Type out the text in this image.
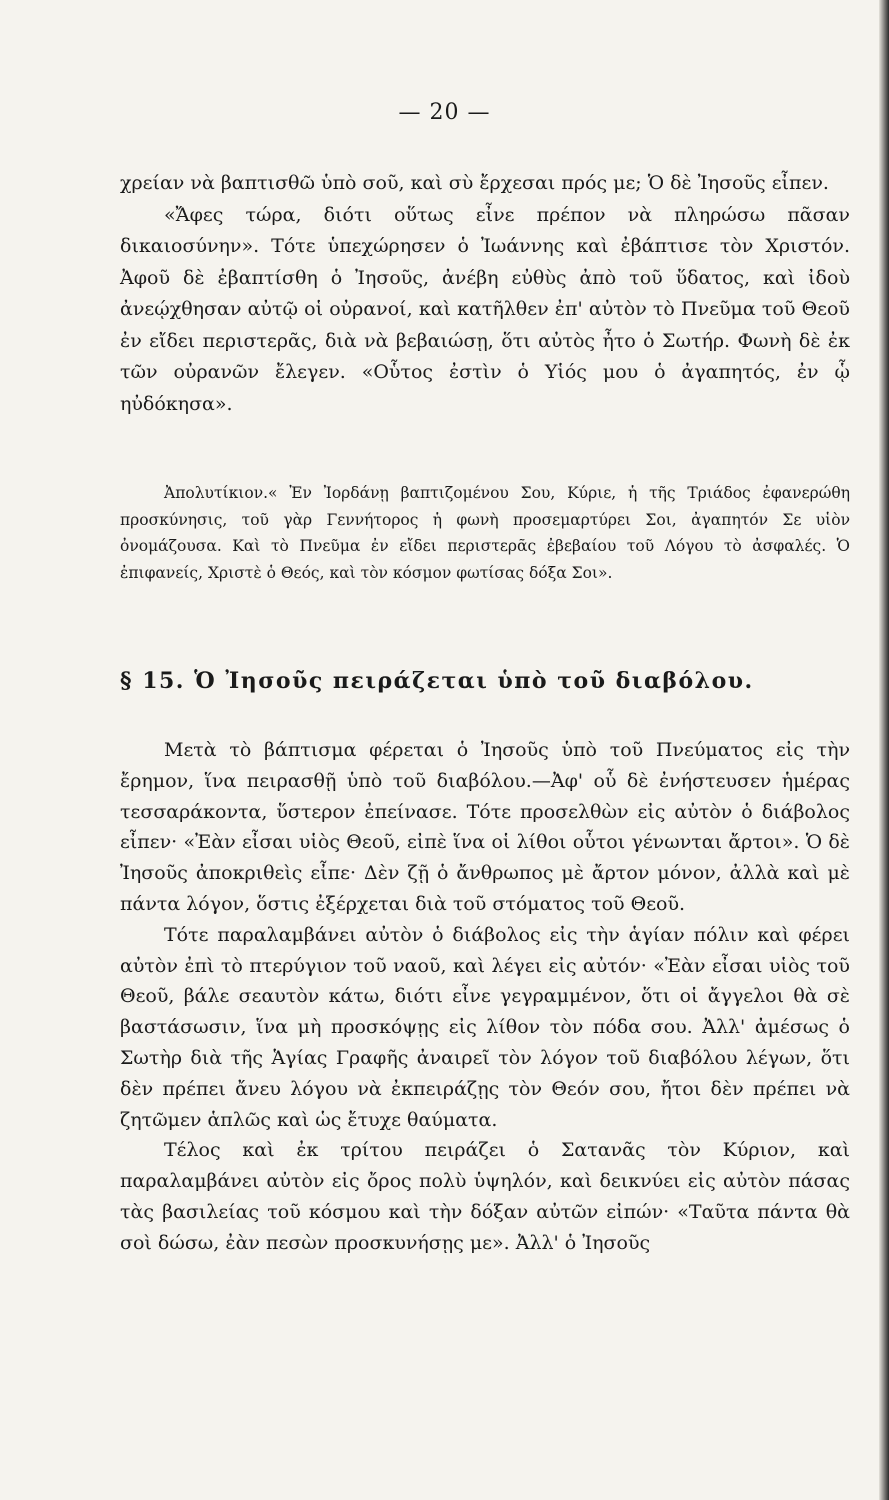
— 20 —

χρείαν νὰ βαπτισθῶ ὑπὸ σοῦ, καὶ σὺ ἔρχεσαι πρός με; Ὁ δὲ Ἰησοῦς εἶπεν.

«Ἄφες τώρα, διότι οὕτως εἶνε πρέπον νὰ πληρώσω πᾶσαν δικαιοσύνην». Τότε ὑπεχώρησεν ὁ Ἰωάννης καὶ ἐβάπτισε τὸν Χριστόν. Ἀφοῦ δὲ ἐβαπτίσθη ὁ Ἰησοῦς, ἀνέβη εὐθὺς ἀπὸ τοῦ ὕδατος, καὶ ἰδοὺ ἀνεῴχθησαν αὐτῷ οἱ οὐρανοί, καὶ κατῆλθεν ἐπ' αὐτὸν τὸ Πνεῦμα τοῦ Θεοῦ ἐν εἴδει περιστερᾶς, διὰ νὰ βεβαιώσῃ, ὅτι αὐτὸς ἦτο ὁ Σωτήρ. Φωνὴ δὲ ἐκ τῶν οὐρανῶν ἔλεγεν. «Οὗτος ἐστὶν ὁ Υἱός μου ὁ ἀγαπητός, ἐν ᾧ ηὐδόκησα».

Ἀπολυτίκιον.« Ἐν Ἰορδάνῃ βαπτιζομένου Σου, Κύριε, ἡ τῆς Τριάδος ἐφανερώθη προσκύνησις, τοῦ γὰρ Γεννήτορος ἡ φωνὴ προσεμαρτύρει Σοι, ἀγαπητόν Σε υἱὸν ὀνομάζουσα. Καὶ τὸ Πνεῦμα ἐν εἴδει περιστερᾶς ἐβεβαίου τοῦ Λόγου τὸ ἀσφαλές. Ὁ ἐπιφανείς, Χριστὲ ὁ Θεός, καὶ τὸν κόσμον φωτίσας δόξα Σοι».

§ 15. Ὁ Ἰησοῦς πειράζεται ὑπὸ τοῦ διαβόλου.

Μετὰ τὸ βάπτισμα φέρεται ὁ Ἰησοῦς ὑπὸ τοῦ Πνεύματος εἰς τὴν ἔρημον, ἵνα πειρασθῇ ὑπὸ τοῦ διαβόλου.—Ἀφ' οὗ δὲ ἐνήστευσεν ἡμέρας τεσσαράκοντα, ὕστερον ἐπείνασε. Τότε προσελθὼν εἰς αὐτὸν ὁ διάβολος εἶπεν· «Ἐὰν εἶσαι υἱὸς Θεοῦ, εἰπὲ ἵνα οἱ λίθοι οὗτοι γένωνται ἄρτοι». Ὁ δὲ Ἰησοῦς ἀποκριθεὶς εἶπε· Δὲν ζῇ ὁ ἄνθρωπος μὲ ἄρτον μόνον, ἀλλὰ καὶ μὲ πάντα λόγον, ὅστις ἐξέρχεται διὰ τοῦ στόματος τοῦ Θεοῦ.

Τότε παραλαμβάνει αὐτὸν ὁ διάβολος εἰς τὴν ἁγίαν πόλιν καὶ φέρει αὐτὸν ἐπὶ τὸ πτερύγιον τοῦ ναοῦ, καὶ λέγει εἰς αὐτόν· «Ἐὰν εἶσαι υἱὸς τοῦ Θεοῦ, βάλε σεαυτὸν κάτω, διότι εἶνε γεγραμμένον, ὅτι οἱ ἄγγελοι θὰ σὲ βαστάσωσιν, ἵνα μὴ προσκόψῃς εἰς λίθον τὸν πόδα σου. Ἀλλ' ἀμέσως ὁ Σωτὴρ διὰ τῆς Ἁγίας Γραφῆς ἀναιρεῖ τὸν λόγον τοῦ διαβόλου λέγων, ὅτι δὲν πρέπει ἄνευ λόγου νὰ ἐκπειράζῃς τὸν Θεόν σου, ἤτοι δὲν πρέπει νὰ ζητῶμεν ἁπλῶς καὶ ὡς ἔτυχε θαύματα.

Τέλος καὶ ἐκ τρίτου πειράζει ὁ Σατανᾶς τὸν Κύριον, καὶ παραλαμβάνει αὐτὸν εἰς ὄρος πολὺ ὑψηλόν, καὶ δεικνύει εἰς αὐτὸν πάσας τὰς βασιλείας τοῦ κόσμου καὶ τὴν δόξαν αὐτῶν εἰπών· «Ταῦτα πάντα θὰ σοὶ δώσω, ἐὰν πεσὼν προσκυνήσῃς με». Ἀλλ' ὁ Ἰησοῦς
